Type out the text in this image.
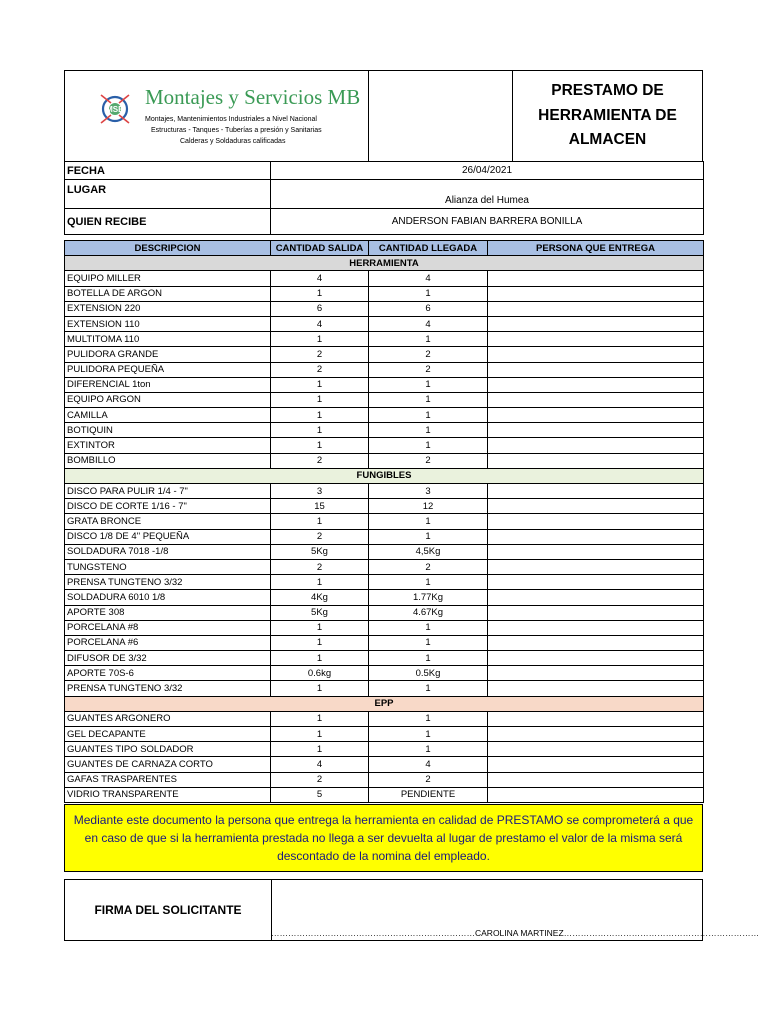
MSB
Montajes y Servicios MB
Montajes, Mantenimientos Industriales a Nivel Nacional
Estructuras - Tanques - Tuberías a presión y Sanitarias
Calderas y Soldaduras calificadas
PRESTAMO DE
HERRAMIENTA DE
ALMACEN
FECHA	26/04/2021
LUGAR	Alianza del Humea
QUIEN RECIBE	ANDERSON FABIAN BARRERA BONILLA
DESCRIPCION	CANTIDAD SALIDA	CANTIDAD LLEGADA	PERSONA QUE ENTREGA
HERRAMIENTA			
EQUIPO MILLER	4	4	
BOTELLA DE ARGON	1	1	
EXTENSION 220	6	6	
EXTENSION 110	4	4	
MULTITOMA 110	1	1	
PULIDORA GRANDE	2	2	
PULIDORA PEQUEÑA	2	2	
DIFERENCIAL 1ton	1	1	
EQUIPO ARGON	1	1	
CAMILLA	1	1	
BOTIQUIN	1	1	
EXTINTOR	1	1	
BOMBILLO	2	2	
FUNGIBLES			
DISCO PARA PULIR 1/4 - 7"	3	3	
DISCO DE CORTE 1/16 - 7"	15	12	
GRATA BRONCE	1	1	
DISCO 1/8 DE 4" PEQUEÑA	2	1	
SOLDADURA 7018 -1/8	5Kg	4,5Kg	
TUNGSTENO	2	2	
PRENSA TUNGTENO 3/32	1	1	
SOLDADURA 6010 1/8	4Kg	1.77Kg	
APORTE 308	5Kg	4.67Kg	
PORCELANA #8	1	1	
PORCELANA #6	1	1	
DIFUSOR DE 3/32	1	1	
APORTE 70S-6	0.6kg	0.5Kg	
PRENSA TUNGTENO 3/32	1	1	
EPP			
GUANTES ARGONERO	1	1	
GEL DECAPANTE	1	1	
GUANTES TIPO SOLDADOR	1	1	
GUANTES DE CARNAZA CORTO	4	4	
GAFAS TRASPARENTES	2	2	
VIDRIO TRANSPARENTE	5	PENDIENTE	
Mediante este documento la persona que entrega la herramienta en calidad de PRESTAMO se comprometerá a que en caso de que si la herramienta prestada no llega a ser devuelta al lugar de prestamo el valor de la misma será descontado de la nomina del empleado.
FIRMA DEL SOLICITANTE
………………………………………………………………CAROLINA MARTINEZ……………………………………………………………
